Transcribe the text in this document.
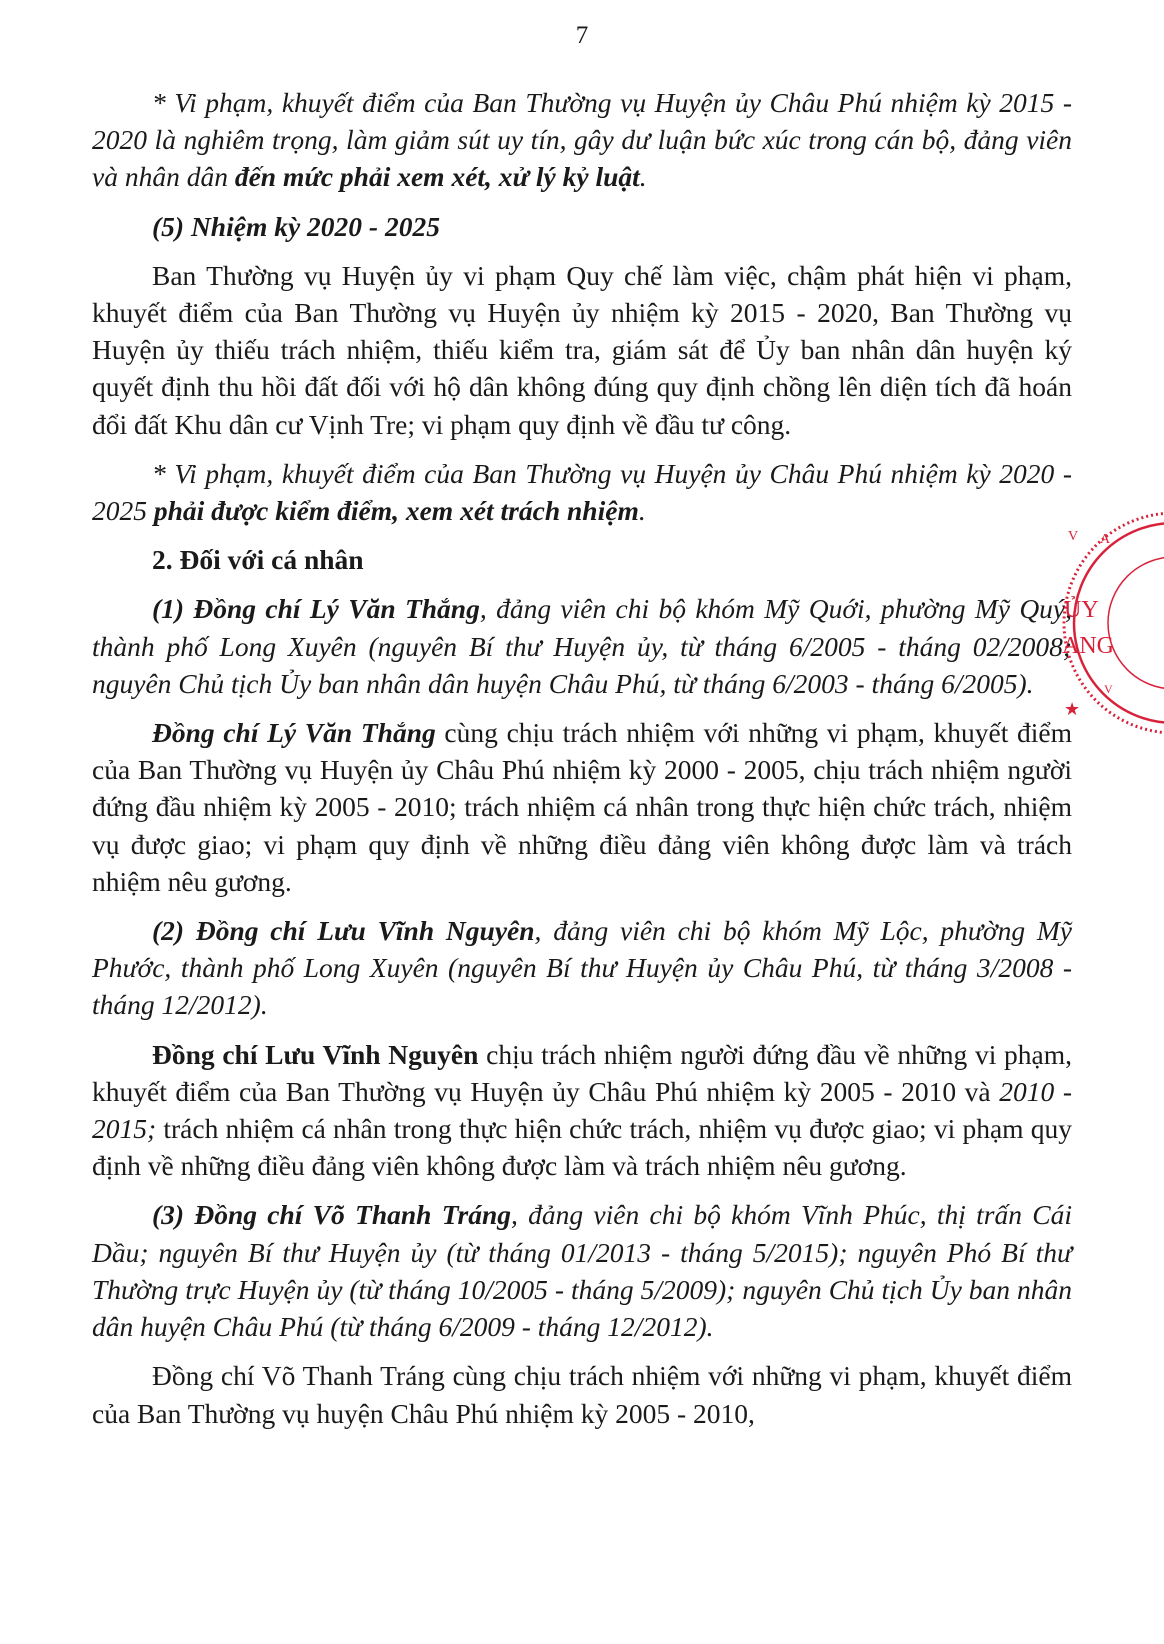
7

* Vi phạm, khuyết điểm của Ban Thường vụ Huyện ủy Châu Phú nhiệm kỳ 2015 - 2020 là nghiêm trọng, làm giảm sút uy tín, gây dư luận bức xúc trong cán bộ, đảng viên và nhân dân đến mức phải xem xét, xử lý kỷ luật.

(5) Nhiệm kỳ 2020 - 2025

Ban Thường vụ Huyện ủy vi phạm Quy chế làm việc, chậm phát hiện vi phạm, khuyết điểm của Ban Thường vụ Huyện ủy nhiệm kỳ 2015 - 2020, Ban Thường vụ Huyện ủy thiếu trách nhiệm, thiếu kiểm tra, giám sát để Ủy ban nhân dân huyện ký quyết định thu hồi đất đối với hộ dân không đúng quy định chồng lên diện tích đã hoán đổi đất Khu dân cư Vịnh Tre; vi phạm quy định về đầu tư công.

* Vi phạm, khuyết điểm của Ban Thường vụ Huyện ủy Châu Phú nhiệm kỳ 2020 - 2025 phải được kiểm điểm, xem xét trách nhiệm.

2. Đối với cá nhân

(1) Đồng chí Lý Văn Thắng, đảng viên chi bộ khóm Mỹ Quới, phường Mỹ Quý, thành phố Long Xuyên (nguyên Bí thư Huyện ủy, từ tháng 6/2005 - tháng 02/2008; nguyên Chủ tịch Ủy ban nhân dân huyện Châu Phú, từ tháng 6/2003 - tháng 6/2005).

Đồng chí Lý Văn Thắng cùng chịu trách nhiệm với những vi phạm, khuyết điểm của Ban Thường vụ Huyện ủy Châu Phú nhiệm kỳ 2000 - 2005, chịu trách nhiệm người đứng đầu nhiệm kỳ 2005 - 2010; trách nhiệm cá nhân trong thực hiện chức trách, nhiệm vụ được giao; vi phạm quy định về những điều đảng viên không được làm và trách nhiệm nêu gương.

(2) Đồng chí Lưu Vĩnh Nguyên, đảng viên chi bộ khóm Mỹ Lộc, phường Mỹ Phước, thành phố Long Xuyên (nguyên Bí thư Huyện ủy Châu Phú, từ tháng 3/2008 - tháng 12/2012).

Đồng chí Lưu Vĩnh Nguyên chịu trách nhiệm người đứng đầu về những vi phạm, khuyết điểm của Ban Thường vụ Huyện ủy Châu Phú nhiệm kỳ 2005 - 2010 và 2010 - 2015; trách nhiệm cá nhân trong thực hiện chức trách, nhiệm vụ được giao; vi phạm quy định về những điều đảng viên không được làm và trách nhiệm nêu gương.

(3) Đồng chí Võ Thanh Tráng, đảng viên chi bộ khóm Vĩnh Phúc, thị trấn Cái Dầu; nguyên Bí thư Huyện ủy (từ tháng 01/2013 - tháng 5/2015); nguyên Phó Bí thư Thường trực Huyện ủy (từ tháng 10/2005 - tháng 5/2009); nguyên Chủ tịch Ủy ban nhân dân huyện Châu Phú (từ tháng 6/2009 - tháng 12/2012).

Đồng chí Võ Thanh Tráng cùng chịu trách nhiệm với những vi phạm, khuyết điểm của Ban Thường vụ huyện Châu Phú nhiệm kỳ 2005 - 2010,

V A
ỦY
ANG
★
V
